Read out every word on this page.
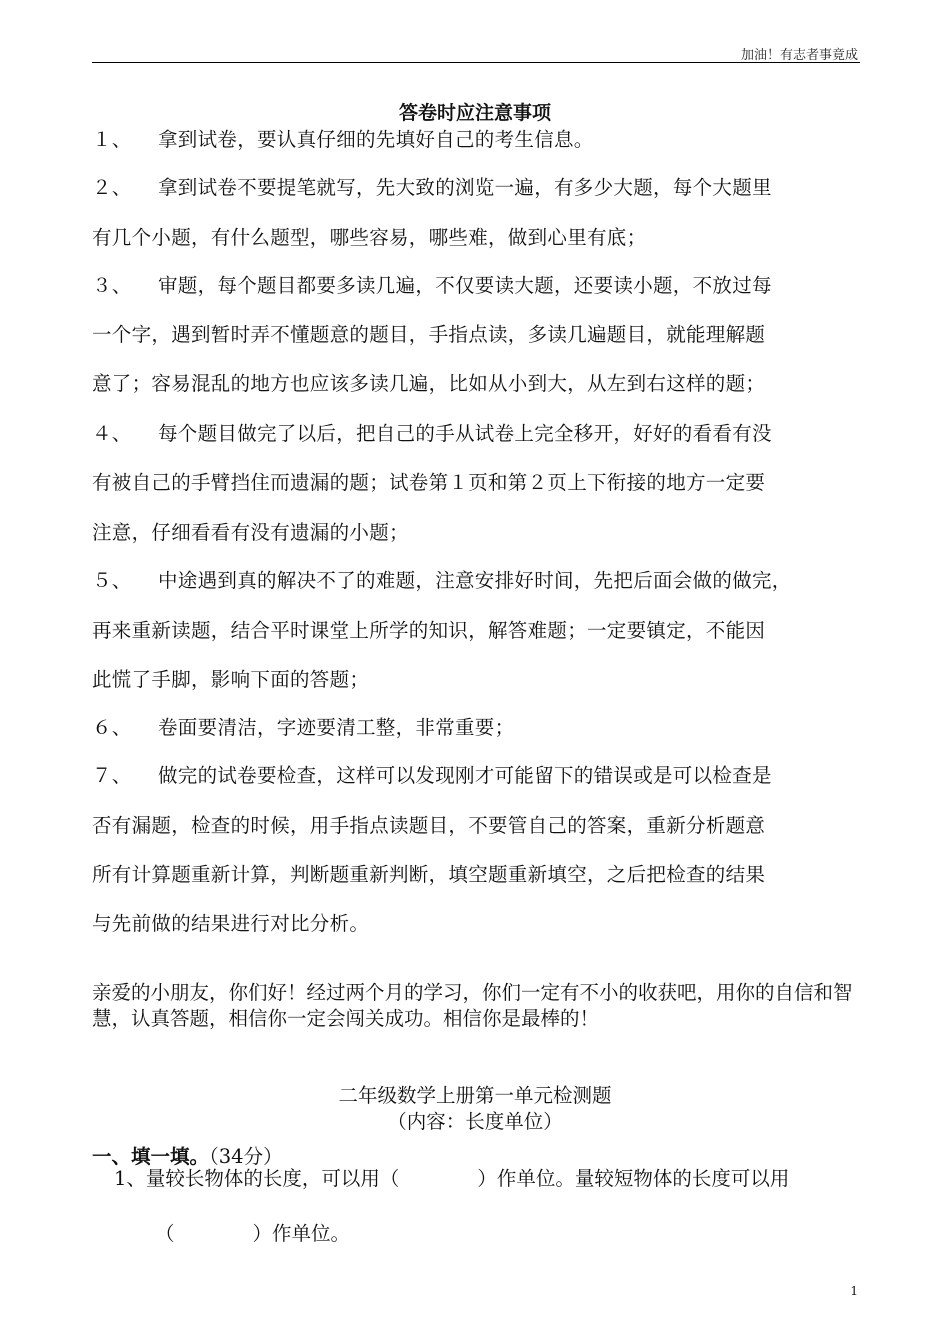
加油！有志者事竟成
答卷时应注意事项
１、 拿到试卷，要认真仔细的先填好自己的考生信息。
２、 拿到试卷不要提笔就写，先大致的浏览一遍，有多少大题，每个大题里
有几个小题，有什么题型，哪些容易，哪些难，做到心里有底；
３、 审题，每个题目都要多读几遍，不仅要读大题，还要读小题，不放过每
一个字，遇到暂时弄不懂题意的题目，手指点读，多读几遍题目，就能理解题
意了；容易混乱的地方也应该多读几遍，比如从小到大，从左到右这样的题；
４、 每个题目做完了以后，把自己的手从试卷上完全移开，好好的看看有没
有被自己的手臂挡住而遗漏的题；试卷第１页和第２页上下衔接的地方一定要
注意，仔细看看有没有遗漏的小题；
５、 中途遇到真的解决不了的难题，注意安排好时间，先把后面会做的做完，
再来重新读题，结合平时课堂上所学的知识，解答难题；一定要镇定，不能因
此慌了手脚，影响下面的答题；
６、 卷面要清洁，字迹要清工整，非常重要；
７、 做完的试卷要检查，这样可以发现刚才可能留下的错误或是可以检查是
否有漏题，检查的时候，用手指点读题目，不要管自己的答案，重新分析题意
所有计算题重新计算，判断题重新判断，填空题重新填空，之后把检查的结果
与先前做的结果进行对比分析。
亲爱的小朋友，你们好！经过两个月的学习，你们一定有不小的收获吧，用你的自信和智慧，认真答题，相信你一定会闯关成功。相信你是最棒的！
二年级数学上册第一单元检测题
（内容：长度单位）
一、填一填。（34分）
1、量较长物体的长度，可以用（　　　　）作单位。量较短物体的长度可以用
（　　　　）作单位。
1
